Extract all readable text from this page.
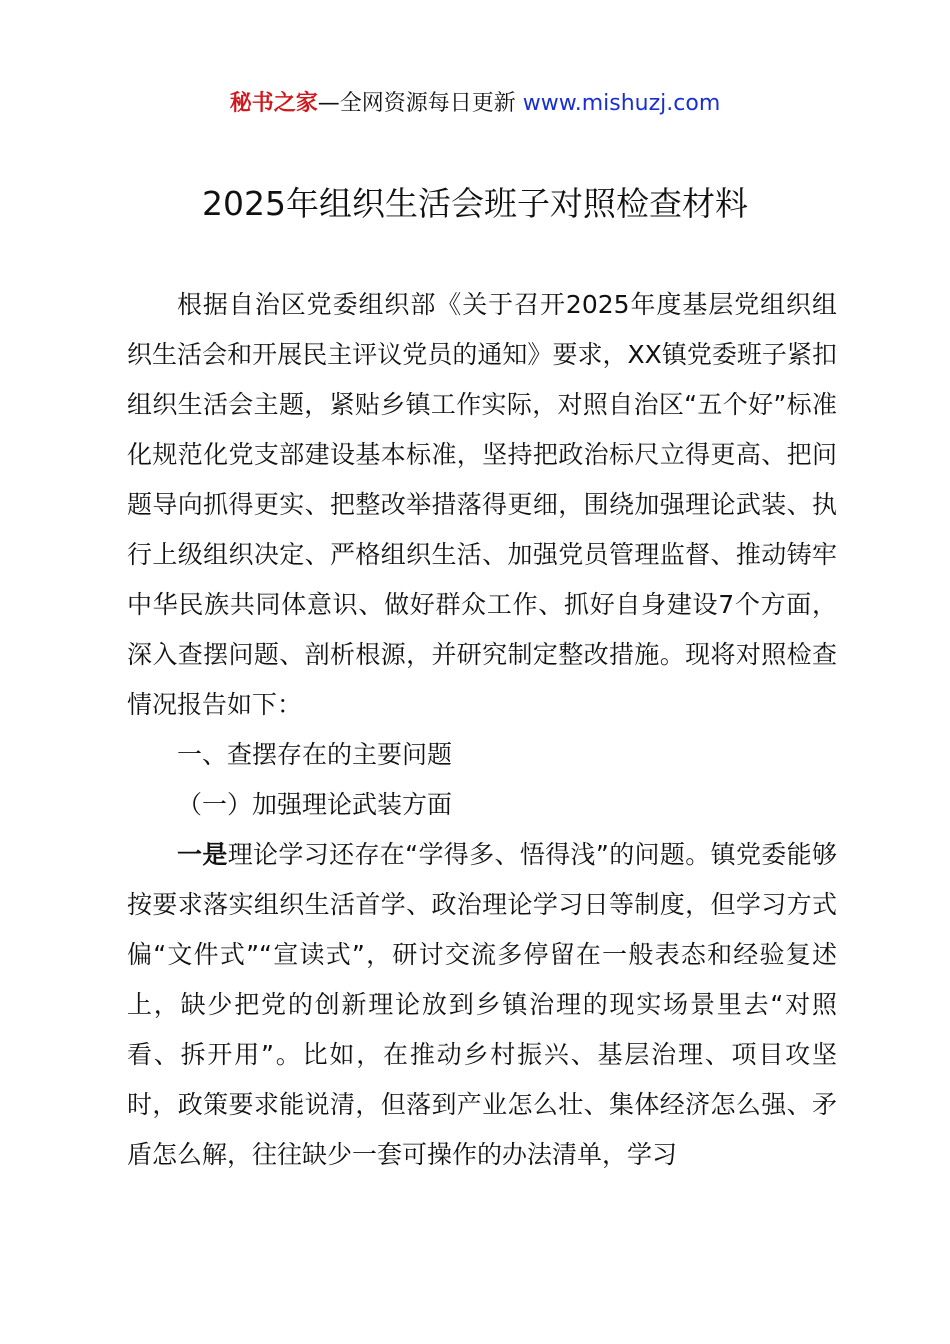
秘书之家—全网资源每日更新 www.mishuzj.com
2025年组织生活会班子对照检查材料

根据自治区党委组织部《关于召开2025年度基层党组织组织生活会和开展民主评议党员的通知》要求，XX镇党委班子紧扣组织生活会主题，紧贴乡镇工作实际，对照自治区“五个好”标准化规范化党支部建设基本标准，坚持把政治标尺立得更高、把问题导向抓得更实、把整改举措落得更细，围绕加强理论武装、执行上级组织决定、严格组织生活、加强党员管理监督、推动铸牢中华民族共同体意识、做好群众工作、抓好自身建设7个方面，深入查摆问题、剖析根源，并研究制定整改措施。现将对照检查情况报告如下：

一、查摆存在的主要问题

（一）加强理论武装方面

一是理论学习还存在“学得多、悟得浅”的问题。镇党委能够按要求落实组织生活首学、政治理论学习日等制度，但学习方式偏“文件式”“宣读式”，研讨交流多停留在一般表态和经验复述上，缺少把党的创新理论放到乡镇治理的现实场景里去“对照看、拆开用”。比如，在推动乡村振兴、基层治理、项目攻坚时，政策要求能说清，但落到产业怎么壮、集体经济怎么强、矛盾怎么解，往往缺少一套可操作的办法清单，学习
